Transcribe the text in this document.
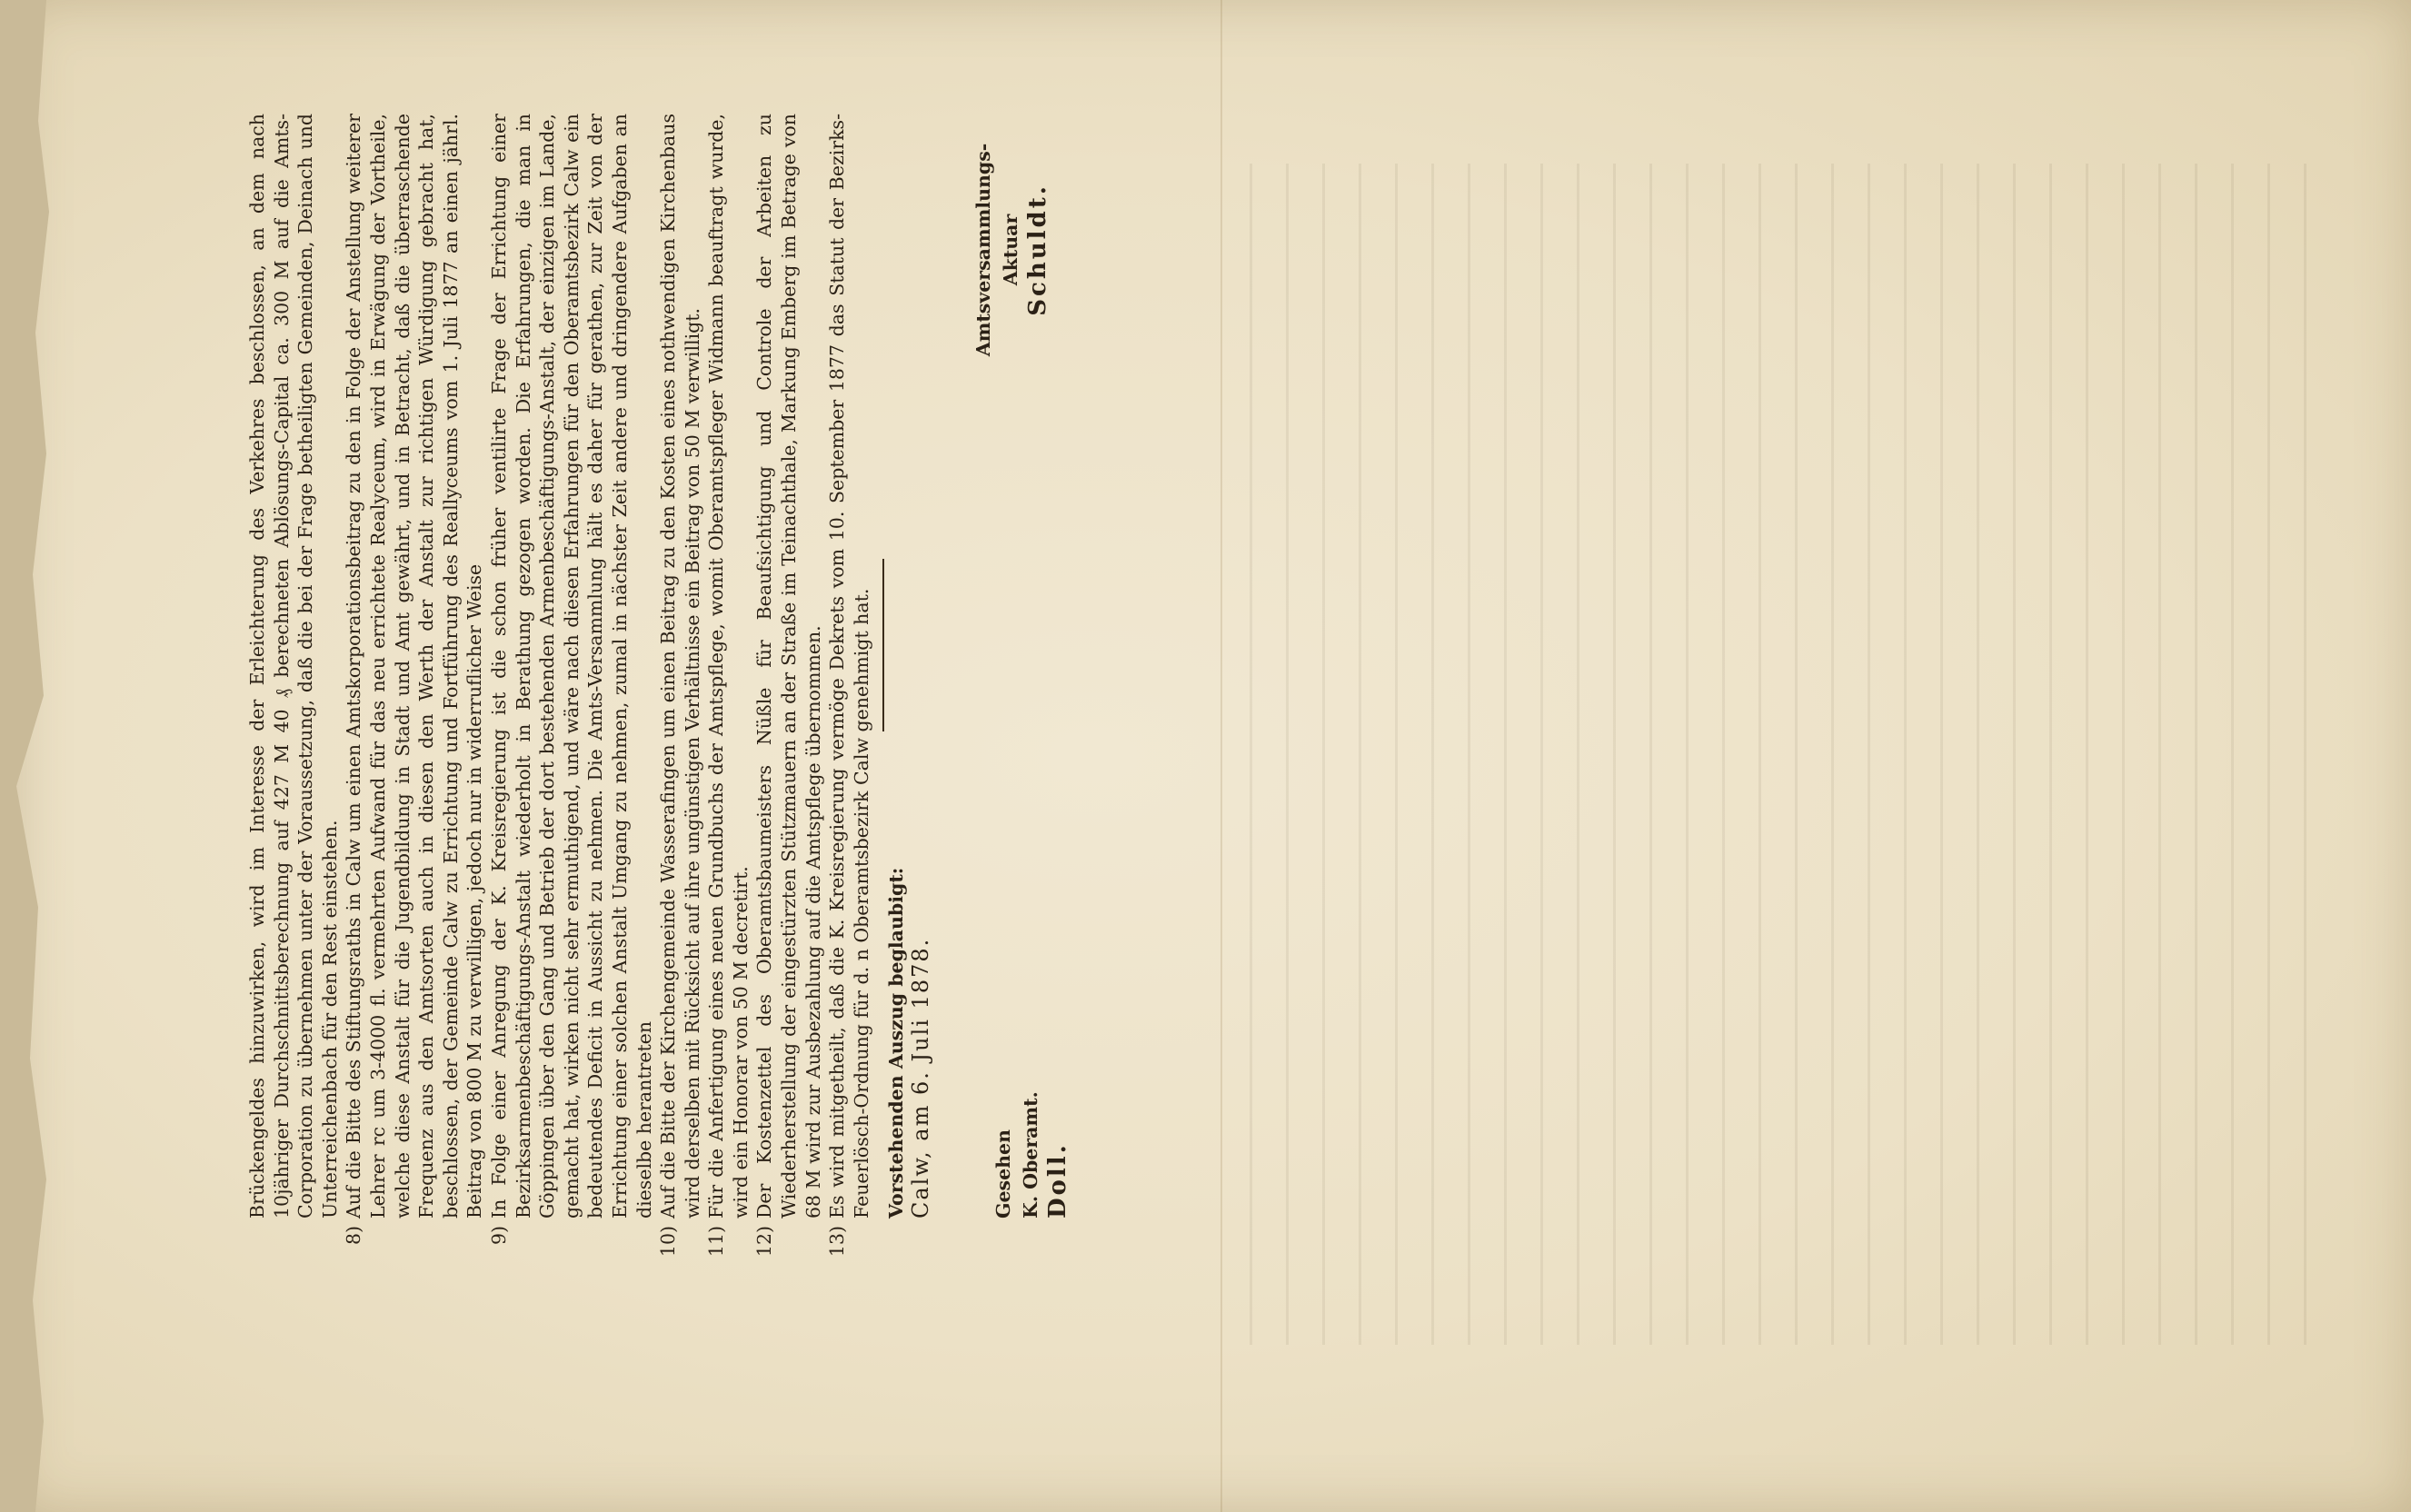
Brückengeldes hinzuwirken, wird im Interesse der Erleichterung des Verkehres beschlossen, an dem nach 10jähriger Durchschnittsberechnung auf 427 M 40 ₰ berechneten Ablösungs-Capital ca. 300 M auf die Amts-Corporation zu übernehmen unter der Voraussetzung, daß die bei der Frage betheiligten Gemeinden, Deinach und Unterreichenbach für den Rest einstehen.

8)
Auf die Bitte des Stiftungsraths in Calw um einen Amtskorporationsbeitrag zu den in Folge der Anstellung weiterer Lehrer rc um 3-4000 fl. vermehrten Aufwand für das neu errichtete Realyceum, wird in Erwägung der Vortheile, welche diese Anstalt für die Jugendbildung in Stadt und Amt gewährt, und in Betracht, daß die überraschende Frequenz aus den Amtsorten auch in diesen den Werth der Anstalt zur richtigen Würdigung gebracht hat, beschlossen, der Gemeinde Calw zu Errichtung und Fortführung des Reallyceums vom 1. Juli 1877 an einen jährl. Beitrag von 800 M zu verwilligen, jedoch nur in widerruflicher Weise

9)
In Folge einer Anregung der K. Kreisregierung ist die schon früher ventilirte Frage der Errichtung einer Bezirksarmenbeschäftigungs-Anstalt wiederholt in Berathung gezogen worden. Die Erfahrungen, die man in Göppingen über den Gang und Betrieb der dort bestehenden Armenbeschäftigungs-Anstalt, der einzigen im Lande, gemacht hat, wirken nicht sehr ermuthigend, und wäre nach diesen Erfahrungen für den Oberamtsbezirk Calw ein bedeutendes Deficit in Aussicht zu nehmen. Die Amts-Versammlung hält es daher für gerathen, zur Zeit von der Errichtung einer solchen Anstalt Umgang zu nehmen, zumal in nächster Zeit andere und dringendere Aufgaben an dieselbe herantreten

10)
Auf die Bitte der Kirchengemeinde Wasserafingen um einen Beitrag zu den Kosten eines nothwendigen Kirchenbaus wird derselben mit Rücksicht auf ihre ungünstigen Verhältnisse ein Beitrag von 50 M verwilligt.

11)
Für die Anfertigung eines neuen Grundbuchs der Amtspflege, womit Oberamtspfleger Widmann beauftragt wurde, wird ein Honorar von 50 M decretirt.

12)
Der Kostenzettel des Oberamtsbaumeisters Nüßle für Beaufsichtigung und Controle der Arbeiten zu Wiederherstellung der eingestürzten Stützmauern an der Straße im Teinachthale, Markung Emberg im Betrage von 68 M wird zur Ausbezahlung auf die Amtspflege übernommen.

13)
Es wird mitgetheilt, daß die K. Kreisregierung vermöge Dekrets vom 10. September 1877 das Statut der Bezirks-Feuerlösch-Ordnung für d. n Oberamtsbezirk Calw genehmigt hat. Vorstehenden Auszug beglaubigt: Calw, am 6. Juli 1878.	Gesehen K. Oberamt. Doll.
Amtsversammlungs-Aktuar Schuldt.
